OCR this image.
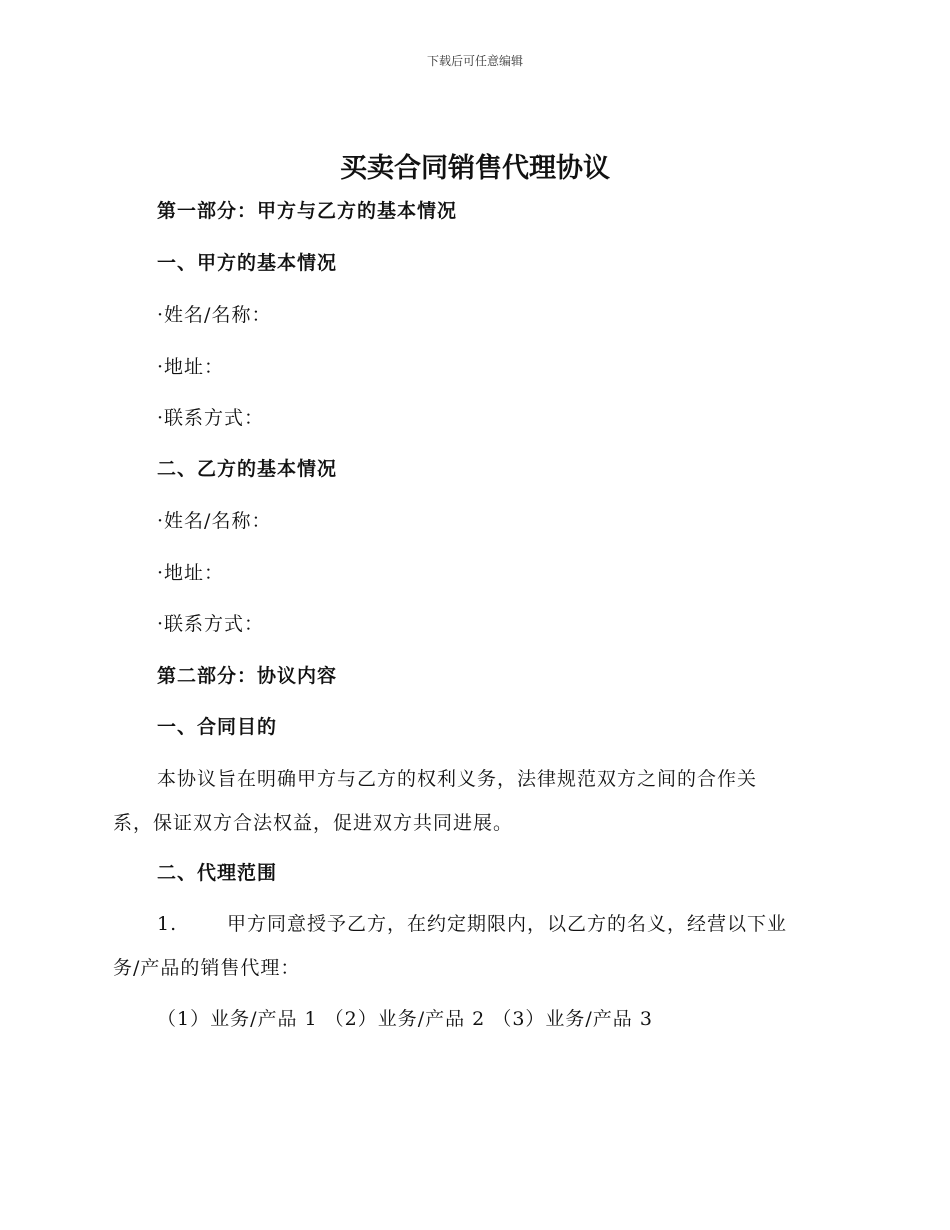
下载后可任意编辑
买卖合同销售代理协议
第一部分：甲方与乙方的基本情况
一、甲方的基本情况
·姓名/名称：
·地址：
·联系方式：
二、乙方的基本情况
·姓名/名称：
·地址：
·联系方式：
第二部分：协议内容
一、合同目的
本协议旨在明确甲方与乙方的权利义务，法律规范双方之间的合作关
系，保证双方合法权益，促进双方共同进展。
二、代理范围
1.	甲方同意授予乙方，在约定期限内，以乙方的名义，经营以下业
务/产品的销售代理：
（1）业务/产品 1 （2）业务/产品 2 （3）业务/产品 3
